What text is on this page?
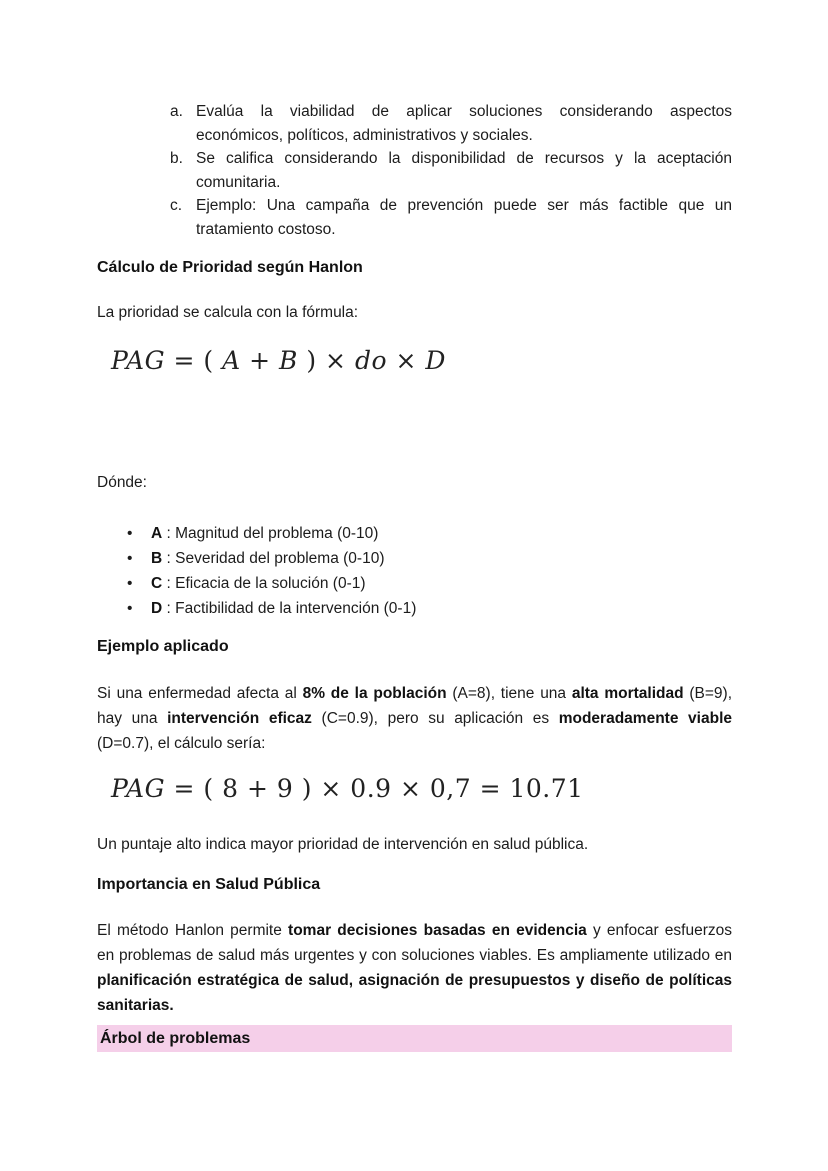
a. Evalúa la viabilidad de aplicar soluciones considerando aspectos económicos, políticos, administrativos y sociales.
b. Se califica considerando la disponibilidad de recursos y la aceptación comunitaria.
c. Ejemplo: Una campaña de prevención puede ser más factible que un tratamiento costoso.
Cálculo de Prioridad según Hanlon
La prioridad se calcula con la fórmula:
PAG = ( A + B ) × do × D
Dónde:
•	A : Magnitud del problema (0-10)
•	B : Severidad del problema (0-10)
•	C : Eficacia de la solución (0-1)
•	D : Factibilidad de la intervención (0-1)
Ejemplo aplicado
Si una enfermedad afecta al 8% de la población (A=8), tiene una alta mortalidad (B=9), hay una intervención eficaz (C=0.9), pero su aplicación es moderadamente viable (D=0.7), el cálculo sería:
PAG = ( 8 + 9 ) × 0.9 × 0,7 = 10.71
Un puntaje alto indica mayor prioridad de intervención en salud pública.
Importancia en Salud Pública
El método Hanlon permite tomar decisiones basadas en evidencia y enfocar esfuerzos en problemas de salud más urgentes y con soluciones viables. Es ampliamente utilizado en planificación estratégica de salud, asignación de presupuestos y diseño de políticas sanitarias.
Árbol de problemas
